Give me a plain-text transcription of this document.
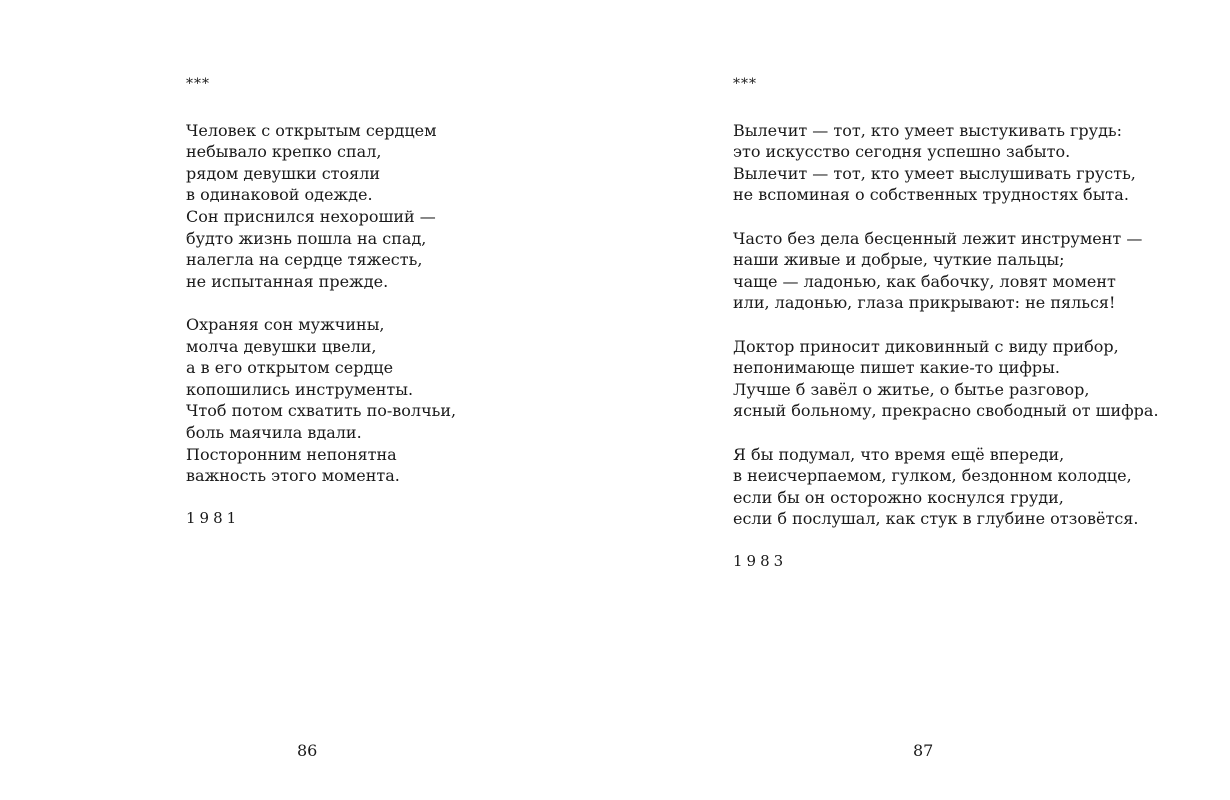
***
Человек с открытым сердцем
небывало крепко спал,
рядом девушки стояли
в одинаковой одежде.
Сон приснился нехороший —
будто жизнь пошла на спад,
налегла на сердце тяжесть,
не испытанная прежде.
Охраняя сон мужчины,
молча девушки цвели,
а в его открытом сердце
копошились инструменты.
Чтоб потом схватить по-волчьи,
боль маячила вдали.
Посторонним непонятна
важность этого момента.
1981
86
***
Вылечит — тот, кто умеет выстукивать грудь:
это искусство сегодня успешно забыто.
Вылечит — тот, кто умеет выслушивать грусть,
не вспоминая о собственных трудностях быта.
Часто без дела бесценный лежит инструмент —
наши живые и добрые, чуткие пальцы;
чаще — ладонью, как бабочку, ловят момент
или, ладонью, глаза прикрывают: не пялься!
Доктор приносит диковинный с виду прибор,
непонимающе пишет какие-то цифры.
Лучше б завёл о житье, о бытье разговор,
ясный больному, прекрасно свободный от шифра.
Я бы подумал, что время ещё впереди,
в неисчерпаемом, гулком, бездонном колодце,
если бы он осторожно коснулся груди,
если б послушал, как стук в глубине отзовётся.
1983
87
